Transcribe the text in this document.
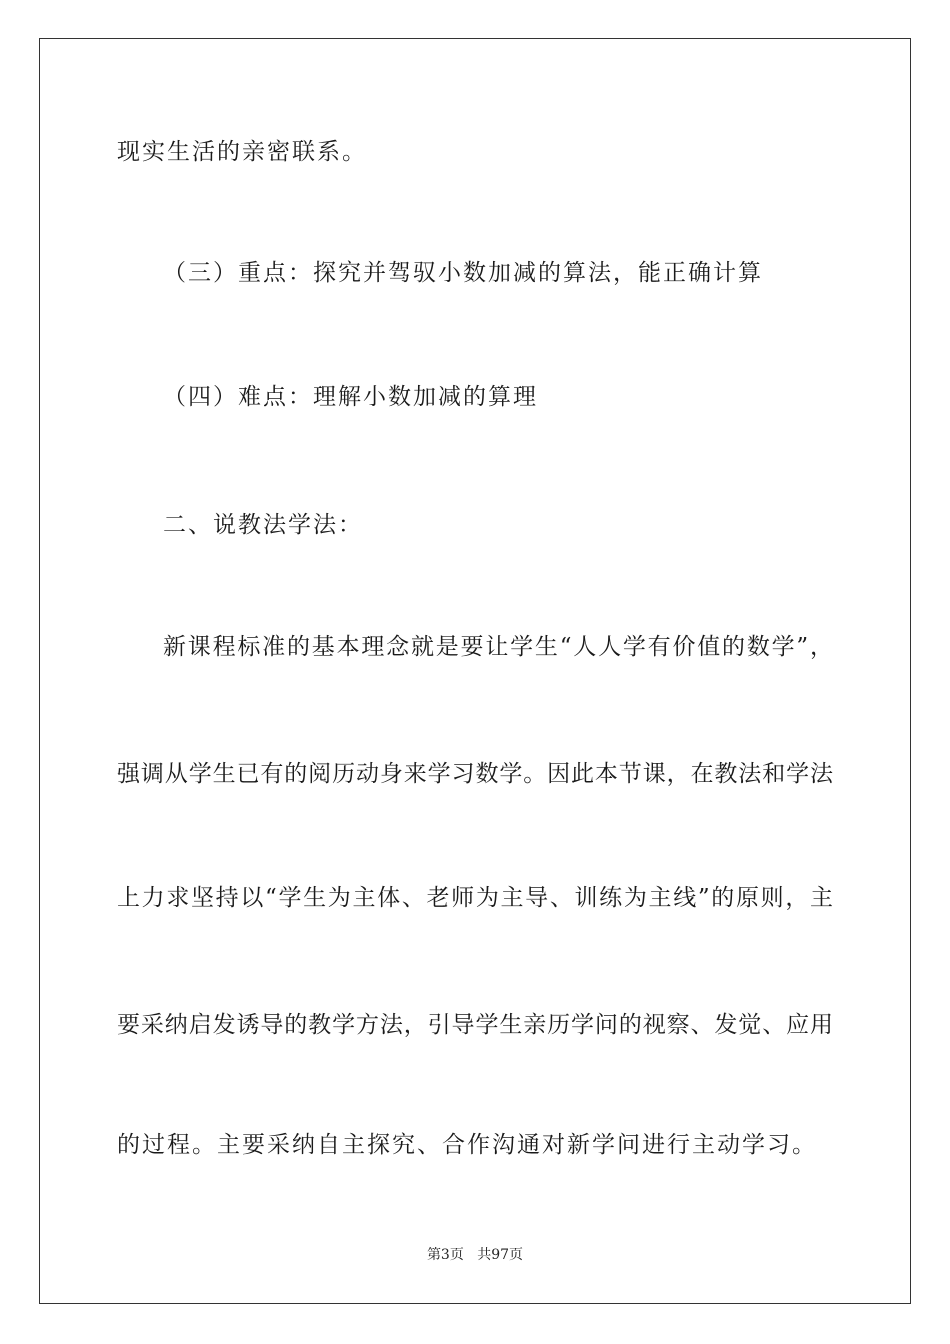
现实生活的亲密联系。
（三）重点：探究并驾驭小数加减的算法，能正确计算
（四）难点：理解小数加减的算理
二、说教法学法：
新课程标准的基本理念就是要让学生“人人学有价值的数学”，
强调从学生已有的阅历动身来学习数学。因此本节课，在教法和学法
上力求坚持以“学生为主体、老师为主导、训练为主线”的原则，主
要采纳启发诱导的教学方法，引导学生亲历学问的视察、发觉、应用
的过程。主要采纳自主探究、合作沟通对新学问进行主动学习。
第3页 共97页
